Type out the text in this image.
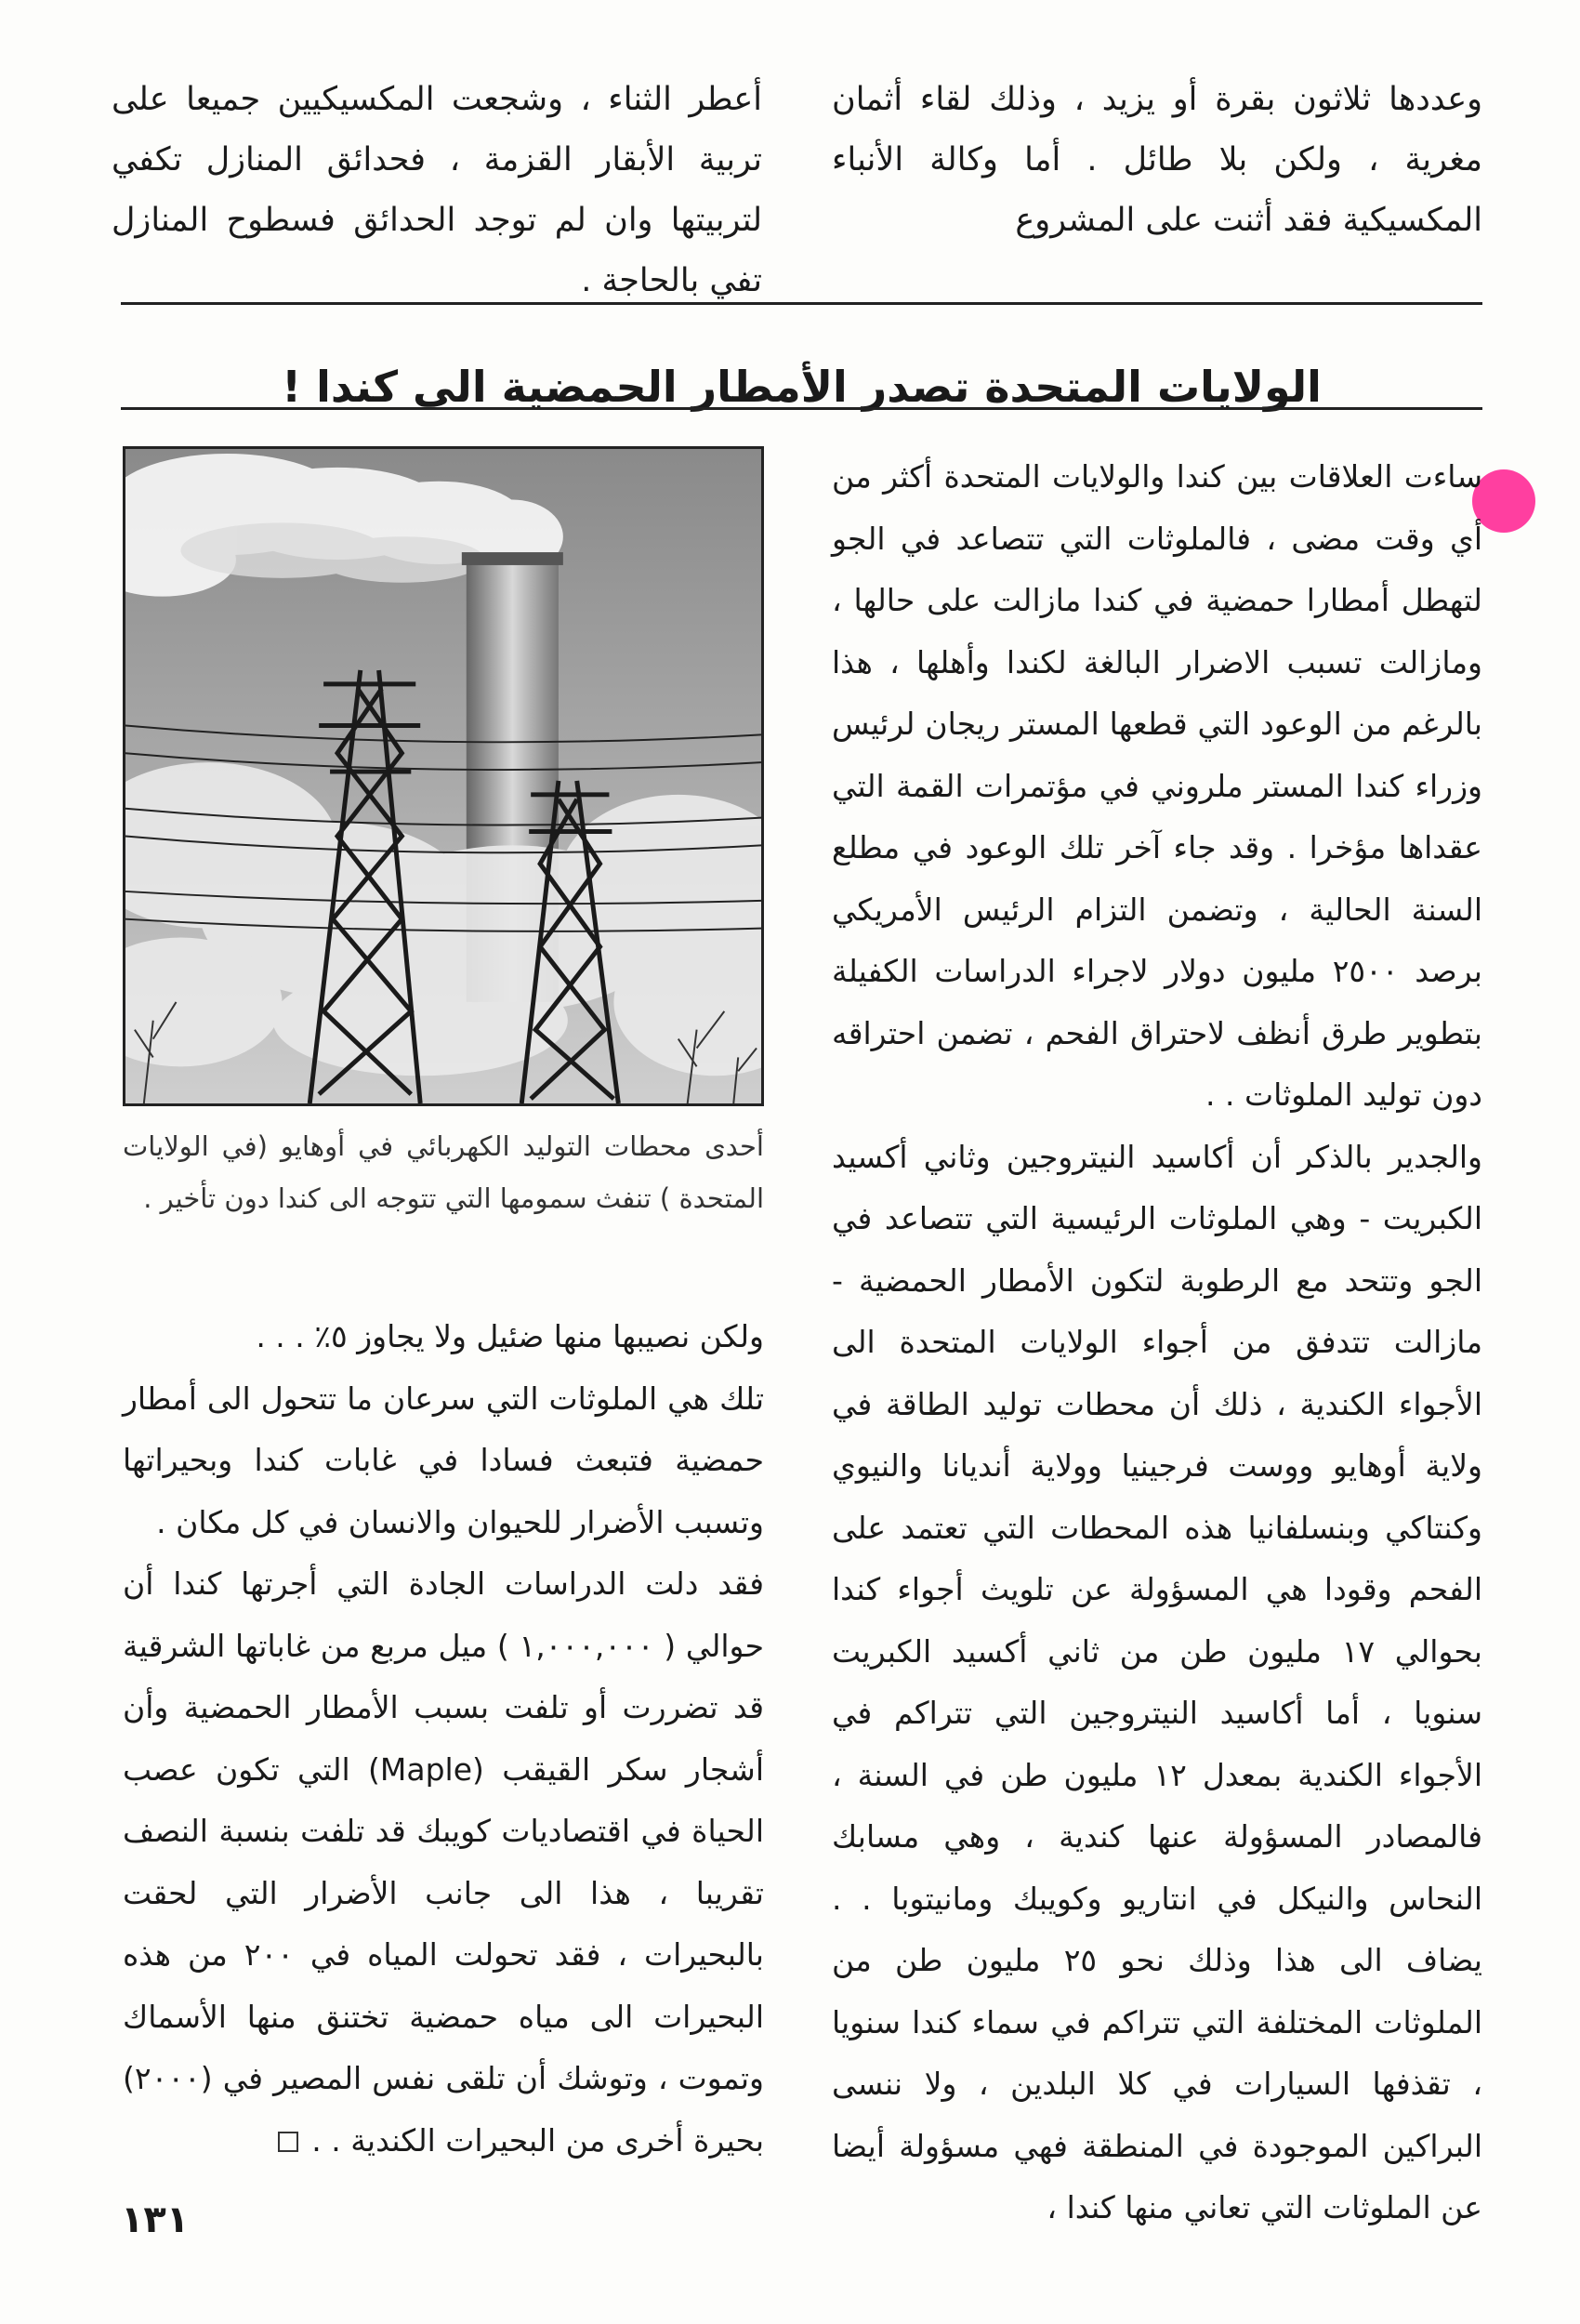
وعددها ثلاثون بقرة أو يزيد ، وذلك لقاء أثمان مغرية ، ولكن بلا طائل . أما وكالة الأنباء المكسيكية فقد أثنت على المشروع

أعطر الثناء ، وشجعت المكسيكيين جميعا على تربية الأبقار القزمة ، فحدائق المنازل تكفي لتربيتها وان لم توجد الحدائق فسطوح المنازل تفي بالحاجة .

الولايات المتحدة تصدر الأمطار الحمضية الى كندا !

ساءت العلاقات بين كندا والولايات المتحدة أكثر من أي وقت مضى ، فالملوثات التي تتصاعد في الجو لتهطل أمطارا حمضية في كندا مازالت على حالها ، ومازالت تسبب الاضرار البالغة لكندا وأهلها ، هذا بالرغم من الوعود التي قطعها المستر ريجان لرئيس وزراء كندا المستر ملروني في مؤتمرات القمة التي عقداها مؤخرا . وقد جاء آخر تلك الوعود في مطلع السنة الحالية ، وتضمن التزام الرئيس الأمريكي برصد ٢٥٠٠ مليون دولار لاجراء الدراسات الكفيلة بتطوير طرق أنظف لاحتراق الفحم ، تضمن احتراقه دون توليد الملوثات . .

والجدير بالذكر أن أكاسيد النيتروجين وثاني أكسيد الكبريت - وهي الملوثات الرئيسية التي تتصاعد في الجو وتتحد مع الرطوبة لتكون الأمطار الحمضية - مازالت تتدفق من أجواء الولايات المتحدة الى الأجواء الكندية ، ذلك أن محطات توليد الطاقة في ولاية أوهايو ووست فرجينيا وولاية أنديانا والنيوي وكنتاكي وبنسلفانيا هذه المحطات التي تعتمد على الفحم وقودا هي المسؤولة عن تلويث أجواء كندا بحوالي ١٧ مليون طن من ثاني أكسيد الكبريت سنويا ، أما أكاسيد النيتروجين التي تتراكم في الأجواء الكندية بمعدل ١٢ مليون طن في السنة ، فالمصادر المسؤولة عنها كندية ، وهي مسابك النحاس والنيكل في انتاريو وكويبك ومانيتوبا . . يضاف الى هذا وذلك نحو ٢٥ مليون طن من الملوثات المختلفة التي تتراكم في سماء كندا سنويا ، تقذفها السيارات في كلا البلدين ، ولا ننسى البراكين الموجودة في المنطقة فهي مسؤولة أيضا عن الملوثات التي تعاني منها كندا ،

أحدى محطات التوليد الكهربائي في أوهايو (في الولايات المتحدة ) تنفث سمومها التي تتوجه الى كندا دون تأخير .

ولكن نصيبها منها ضئيل ولا يجاوز ٥٪ . . .

تلك هي الملوثات التي سرعان ما تتحول الى أمطار حمضية فتبعث فسادا في غابات كندا وبحيراتها وتسبب الأضرار للحيوان والانسان في كل مكان .

فقد دلت الدراسات الجادة التي أجرتها كندا أن حوالي ( ١,٠٠٠,٠٠٠ ) ميل مربع من غاباتها الشرقية قد تضررت أو تلفت بسبب الأمطار الحمضية وأن أشجار سكر القيقب (Maple) التي تكون عصب الحياة في اقتصاديات كويبك قد تلفت بنسبة النصف تقريبا ، هذا الى جانب الأضرار التي لحقت بالبحيرات ، فقد تحولت المياه في ٢٠٠ من هذه البحيرات الى مياه حمضية تختنق منها الأسماك وتموت ، وتوشك أن تلقى نفس المصير في (٢٠٠٠) بحيرة أخرى من البحيرات الكندية . .

١٣١
